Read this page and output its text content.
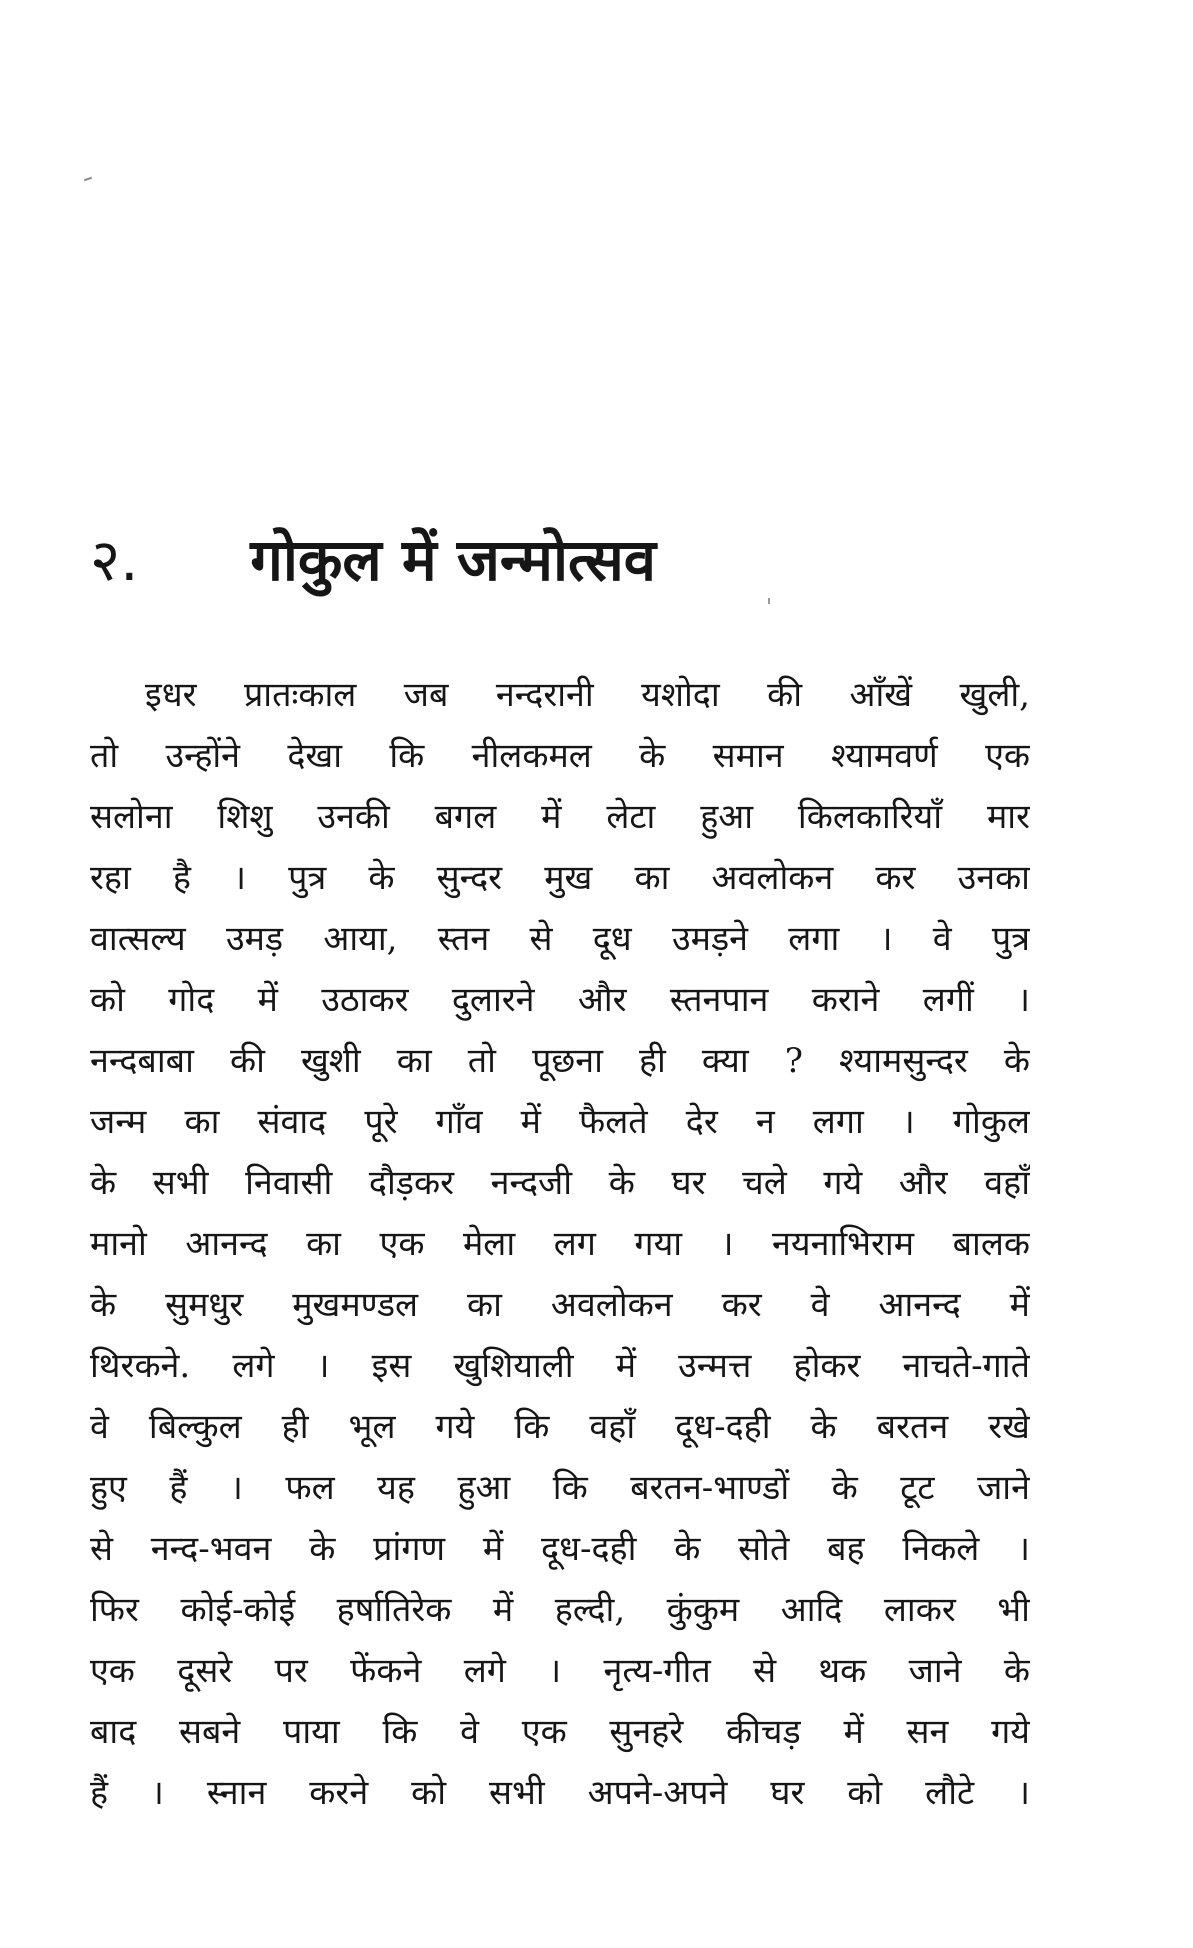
२. गोकुल में जन्मोत्सव
इधर प्रातःकाल जब नन्दरानी यशोदा की आँखें खुली,
तो उन्होंने देखा कि नीलकमल के समान श्यामवर्ण एक
सलोना शिशु उनकी बगल में लेटा हुआ किलकारियाँ मार
रहा है । पुत्र के सुन्दर मुख का अवलोकन कर उनका
वात्सल्य उमड़ आया, स्तन से दूध उमड़ने लगा । वे पुत्र
को गोद में उठाकर दुलारने और स्तनपान कराने लगीं ।
नन्दबाबा की खुशी का तो पूछना ही क्या ? श्यामसुन्दर के
जन्म का संवाद पूरे गाँव में फैलते देर न लगा । गोकुल
के सभी निवासी दौड़कर नन्दजी के घर चले गये और वहाँ
मानो आनन्द का एक मेला लग गया । नयनाभिराम बालक
के सुमधुर मुखमण्डल का अवलोकन कर वे आनन्द में
थिरकने. लगे । इस खुशियाली में उन्मत्त होकर नाचते-गाते
वे बिल्कुल ही भूल गये कि वहाँ दूध-दही के बरतन रखे
हुए हैं । फल यह हुआ कि बरतन-भाण्डों के टूट जाने
से नन्द-भवन के प्रांगण में दूध-दही के सोते बह निकले ।
फिर कोई-कोई हर्षातिरेक में हल्दी, कुंकुम आदि लाकर भी
एक दूसरे पर फेंकने लगे । नृत्य-गीत से थक जाने के
बाद सबने पाया कि वे एक सुनहरे कीचड़ में सन गये
हैं । स्नान करने को सभी अपने-अपने घर को लौटे ।
